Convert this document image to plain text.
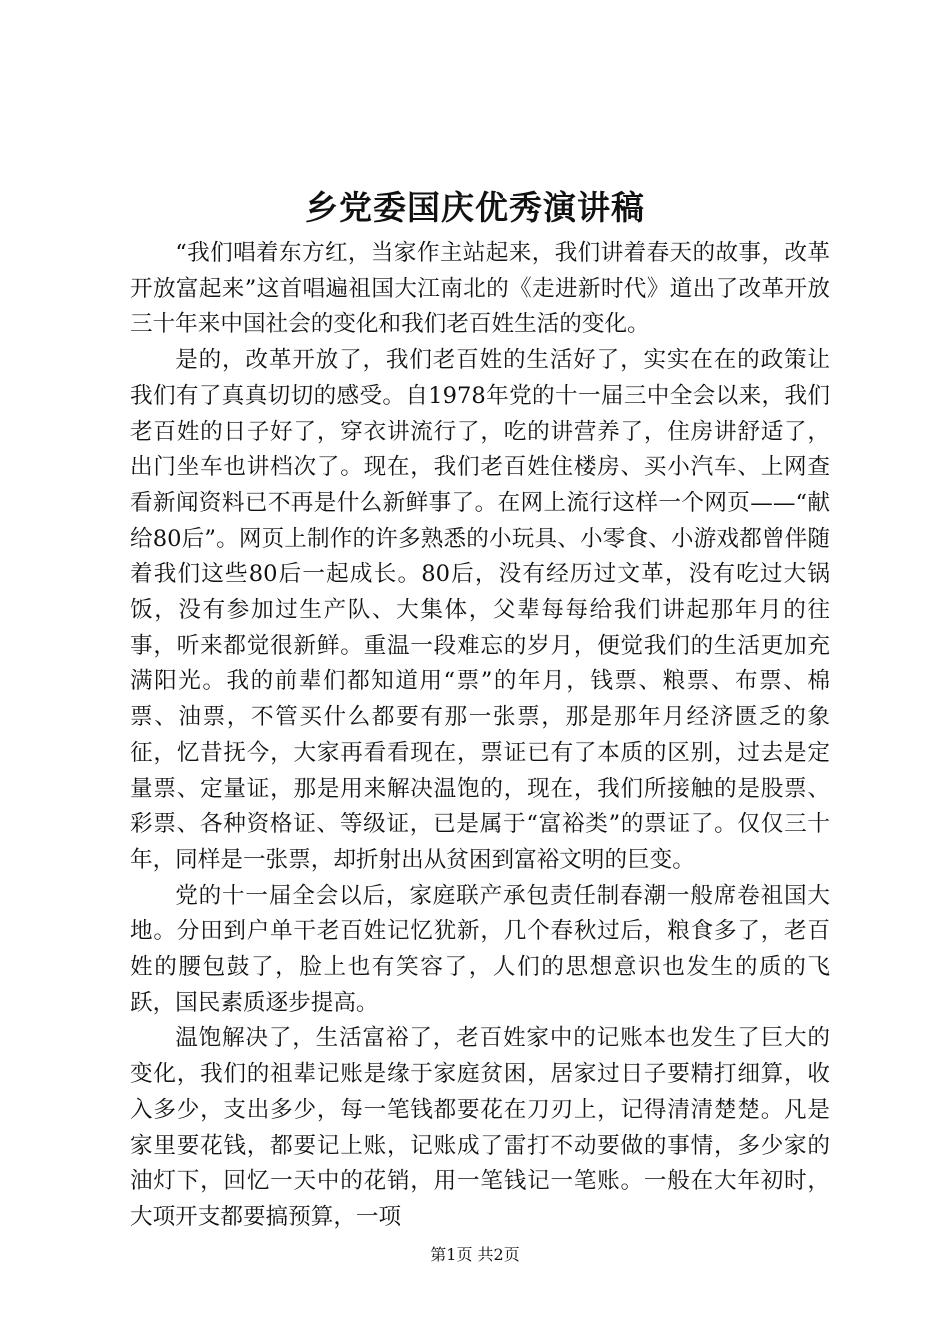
乡党委国庆优秀演讲稿

“我们唱着东方红，当家作主站起来，我们讲着春天的故事，改革开放富起来”这首唱遍祖国大江南北的《走进新时代》道出了改革开放三十年来中国社会的变化和我们老百姓生活的变化。

是的，改革开放了，我们老百姓的生活好了，实实在在的政策让我们有了真真切切的感受。自1978年党的十一届三中全会以来，我们老百姓的日子好了，穿衣讲流行了，吃的讲营养了，住房讲舒适了，出门坐车也讲档次了。现在，我们老百姓住楼房、买小汽车、上网查看新闻资料已不再是什么新鲜事了。在网上流行这样一个网页——“献给80后”。网页上制作的许多熟悉的小玩具、小零食、小游戏都曾伴随着我们这些80后一起成长。80后，没有经历过文革，没有吃过大锅饭，没有参加过生产队、大集体，父辈每每给我们讲起那年月的往事，听来都觉很新鲜。重温一段难忘的岁月，便觉我们的生活更加充满阳光。我的前辈们都知道用“票”的年月，钱票、粮票、布票、棉票、油票，不管买什么都要有那一张票，那是那年月经济匮乏的象征，忆昔抚今，大家再看看现在，票证已有了本质的区别，过去是定量票、定量证，那是用来解决温饱的，现在，我们所接触的是股票、彩票、各种资格证、等级证，已是属于“富裕类”的票证了。仅仅三十年，同样是一张票，却折射出从贫困到富裕文明的巨变。

党的十一届全会以后，家庭联产承包责任制春潮一般席卷祖国大地。分田到户单干老百姓记忆犹新，几个春秋过后，粮食多了，老百姓的腰包鼓了，脸上也有笑容了，人们的思想意识也发生的质的飞跃，国民素质逐步提高。

温饱解决了，生活富裕了，老百姓家中的记账本也发生了巨大的变化，我们的祖辈记账是缘于家庭贫困，居家过日子要精打细算，收入多少，支出多少，每一笔钱都要花在刀刃上，记得清清楚楚。凡是家里要花钱，都要记上账，记账成了雷打不动要做的事情，多少家的油灯下，回忆一天中的花销，用一笔钱记一笔账。一般在大年初时，大项开支都要搞预算，一项

第1页 共2页
